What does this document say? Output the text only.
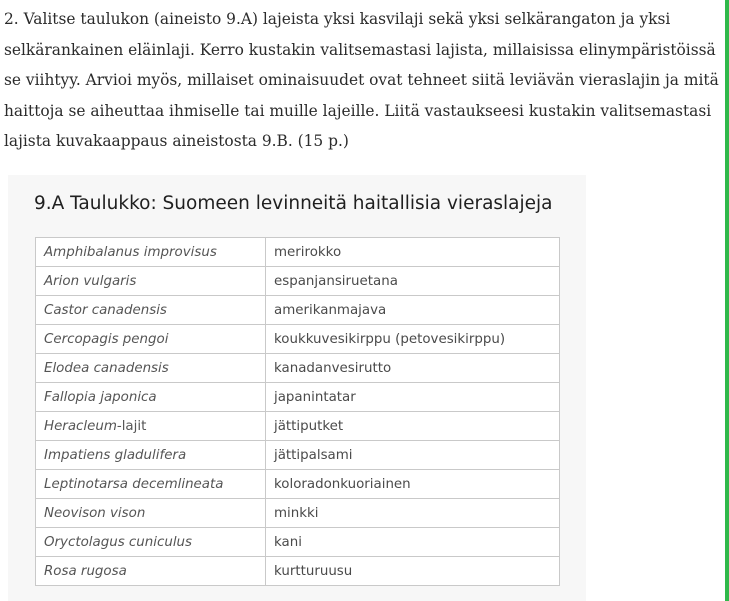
2. Valitse taulukon (aineisto 9.A) lajeista yksi kasvilaji sekä yksi selkärangaton ja yksi
selkärankainen eläinlaji. Kerro kustakin valitsemastasi lajista, millaisissa elinympäristöissä
se viihtyy. Arvioi myös, millaiset ominaisuudet ovat tehneet siitä leviävän vieraslajin ja mitä
haittoja se aiheuttaa ihmiselle tai muille lajeille. Liitä vastaukseesi kustakin valitsemastasi
lajista kuvakaappaus aineistosta 9.B. (15 p.)
9.A Taulukko: Suomeen levinneitä haitallisia vieraslajeja
Amphibalanus improvisus	merirokko
Arion vulgaris	espanjansiruetana
Castor canadensis	amerikanmajava
Cercopagis pengoi	koukkuvesikirppu (petovesikirppu)
Elodea canadensis	kanadanvesirutto
Fallopia japonica	japanintatar
Heracleum-lajit	jättiputket
Impatiens gladulifera	jättipalsami
Leptinotarsa decemlineata	koloradonkuoriainen
Neovison vison	minkki
Oryctolagus cuniculus	kani
Rosa rugosa	kurtturuusu
